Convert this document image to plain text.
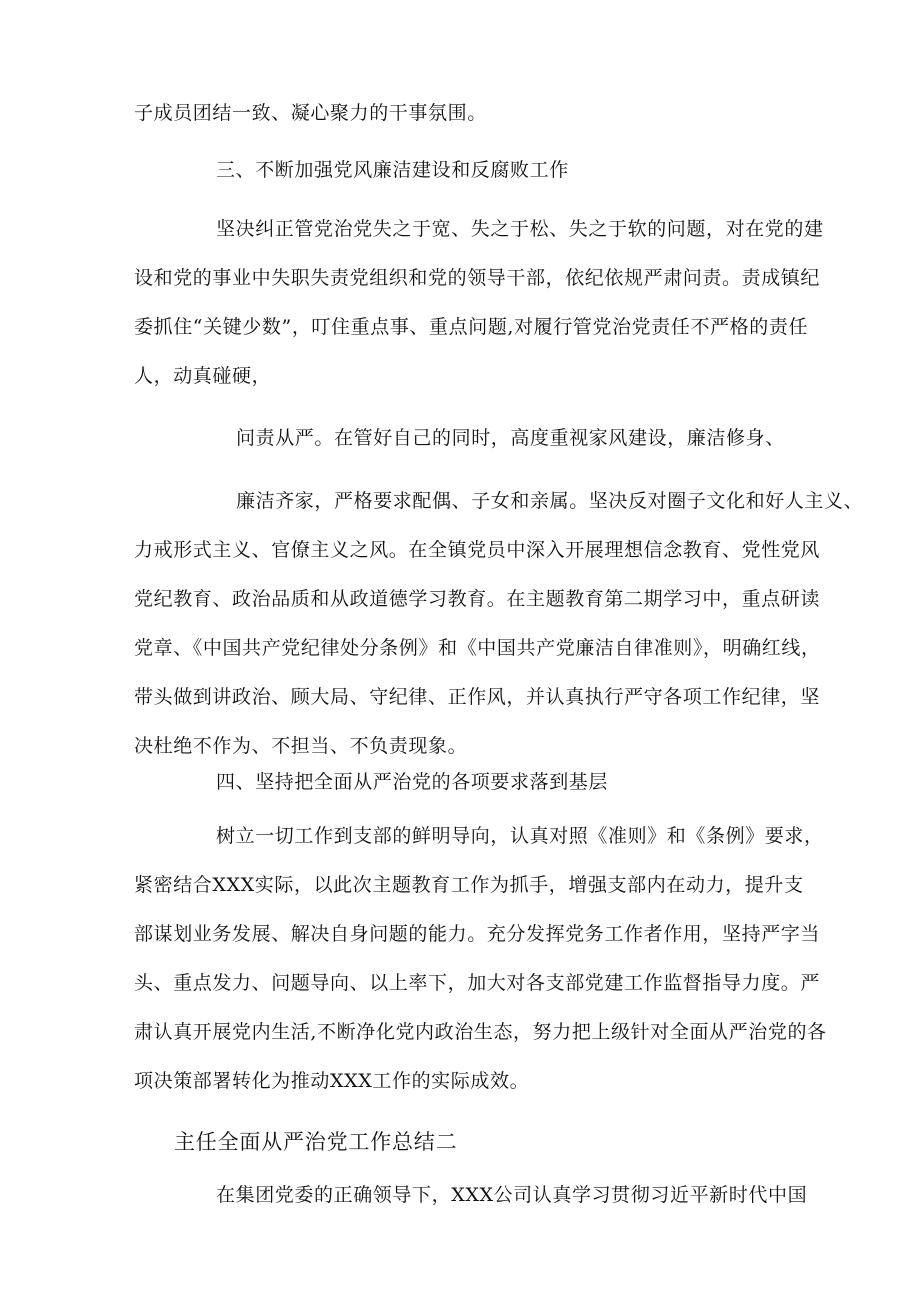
子成员团结一致、凝心聚力的干事氛围。
三、不断加强党风廉洁建设和反腐败工作
坚决纠正管党治党失之于宽、失之于松、失之于软的问题，对在党的建
设和党的事业中失职失责党组织和党的领导干部，依纪依规严肃问责。责成镇纪
委抓住“关键少数”，叮住重点事、重点问题,对履行管党治党责任不严格的责任
人，动真碰硬，
问责从严。在管好自己的同时，高度重视家风建设，廉洁修身、
廉洁齐家，严格要求配偶、子女和亲属。坚决反对圈子文化和好人主义、
力戒形式主义、官僚主义之风。在全镇党员中深入开展理想信念教育、党性党风
党纪教育、政治品质和从政道德学习教育。在主题教育第二期学习中，重点研读
党章、《中国共产党纪律处分条例》和《中国共产党廉洁自律准则》，明确红线，
带头做到讲政治、顾大局、守纪律、正作风，并认真执行严守各项工作纪律，坚
决杜绝不作为、不担当、不负责现象。
四、坚持把全面从严治党的各项要求落到基层
树立一切工作到支部的鲜明导向，认真对照《准则》和《条例》要求，
紧密结合XXX实际，以此次主题教育工作为抓手，增强支部内在动力，提升支
部谋划业务发展、解决自身问题的能力。充分发挥党务工作者作用，坚持严字当
头、重点发力、问题导向、以上率下，加大对各支部党建工作监督指导力度。严
肃认真开展党内生活,不断净化党内政治生态，努力把上级针对全面从严治党的各
项决策部署转化为推动XXX工作的实际成效。
主任全面从严治党工作总结二
在集团党委的正确领导下，XXX公司认真学习贯彻习近平新时代中国
